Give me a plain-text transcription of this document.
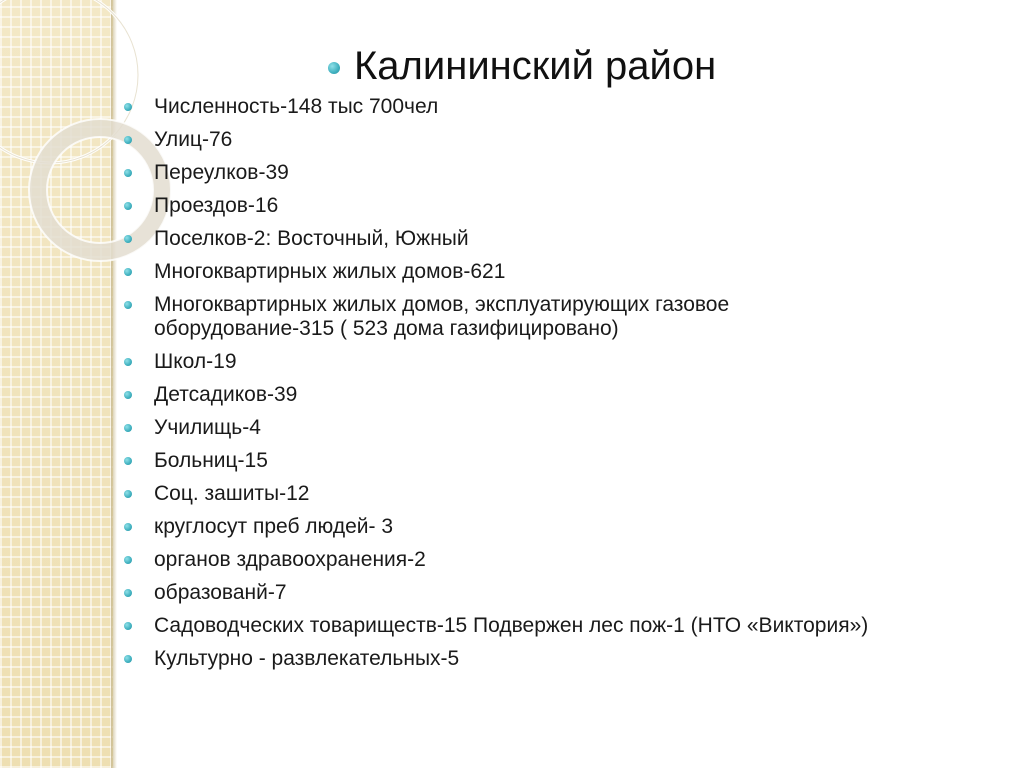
Калининский район
Численность-148 тыс 700чел
Улиц-76
Переулков-39
Проездов-16
Поселков-2: Восточный, Южный
Многоквартирных жилых домов-621
Многоквартирных жилых домов, эксплуатирующих газовое оборудование-315 ( 523 дома газифицировано)
Школ-19
Детсадиков-39
Училищь-4
Больниц-15
Соц. зашиты-12
круглосут преб людей- 3
органов здравоохранения-2
образованй-7
Садоводческих товариществ-15 Подвержен лес пож-1 (НТО «Виктория»)
Культурно - развлекательных-5
